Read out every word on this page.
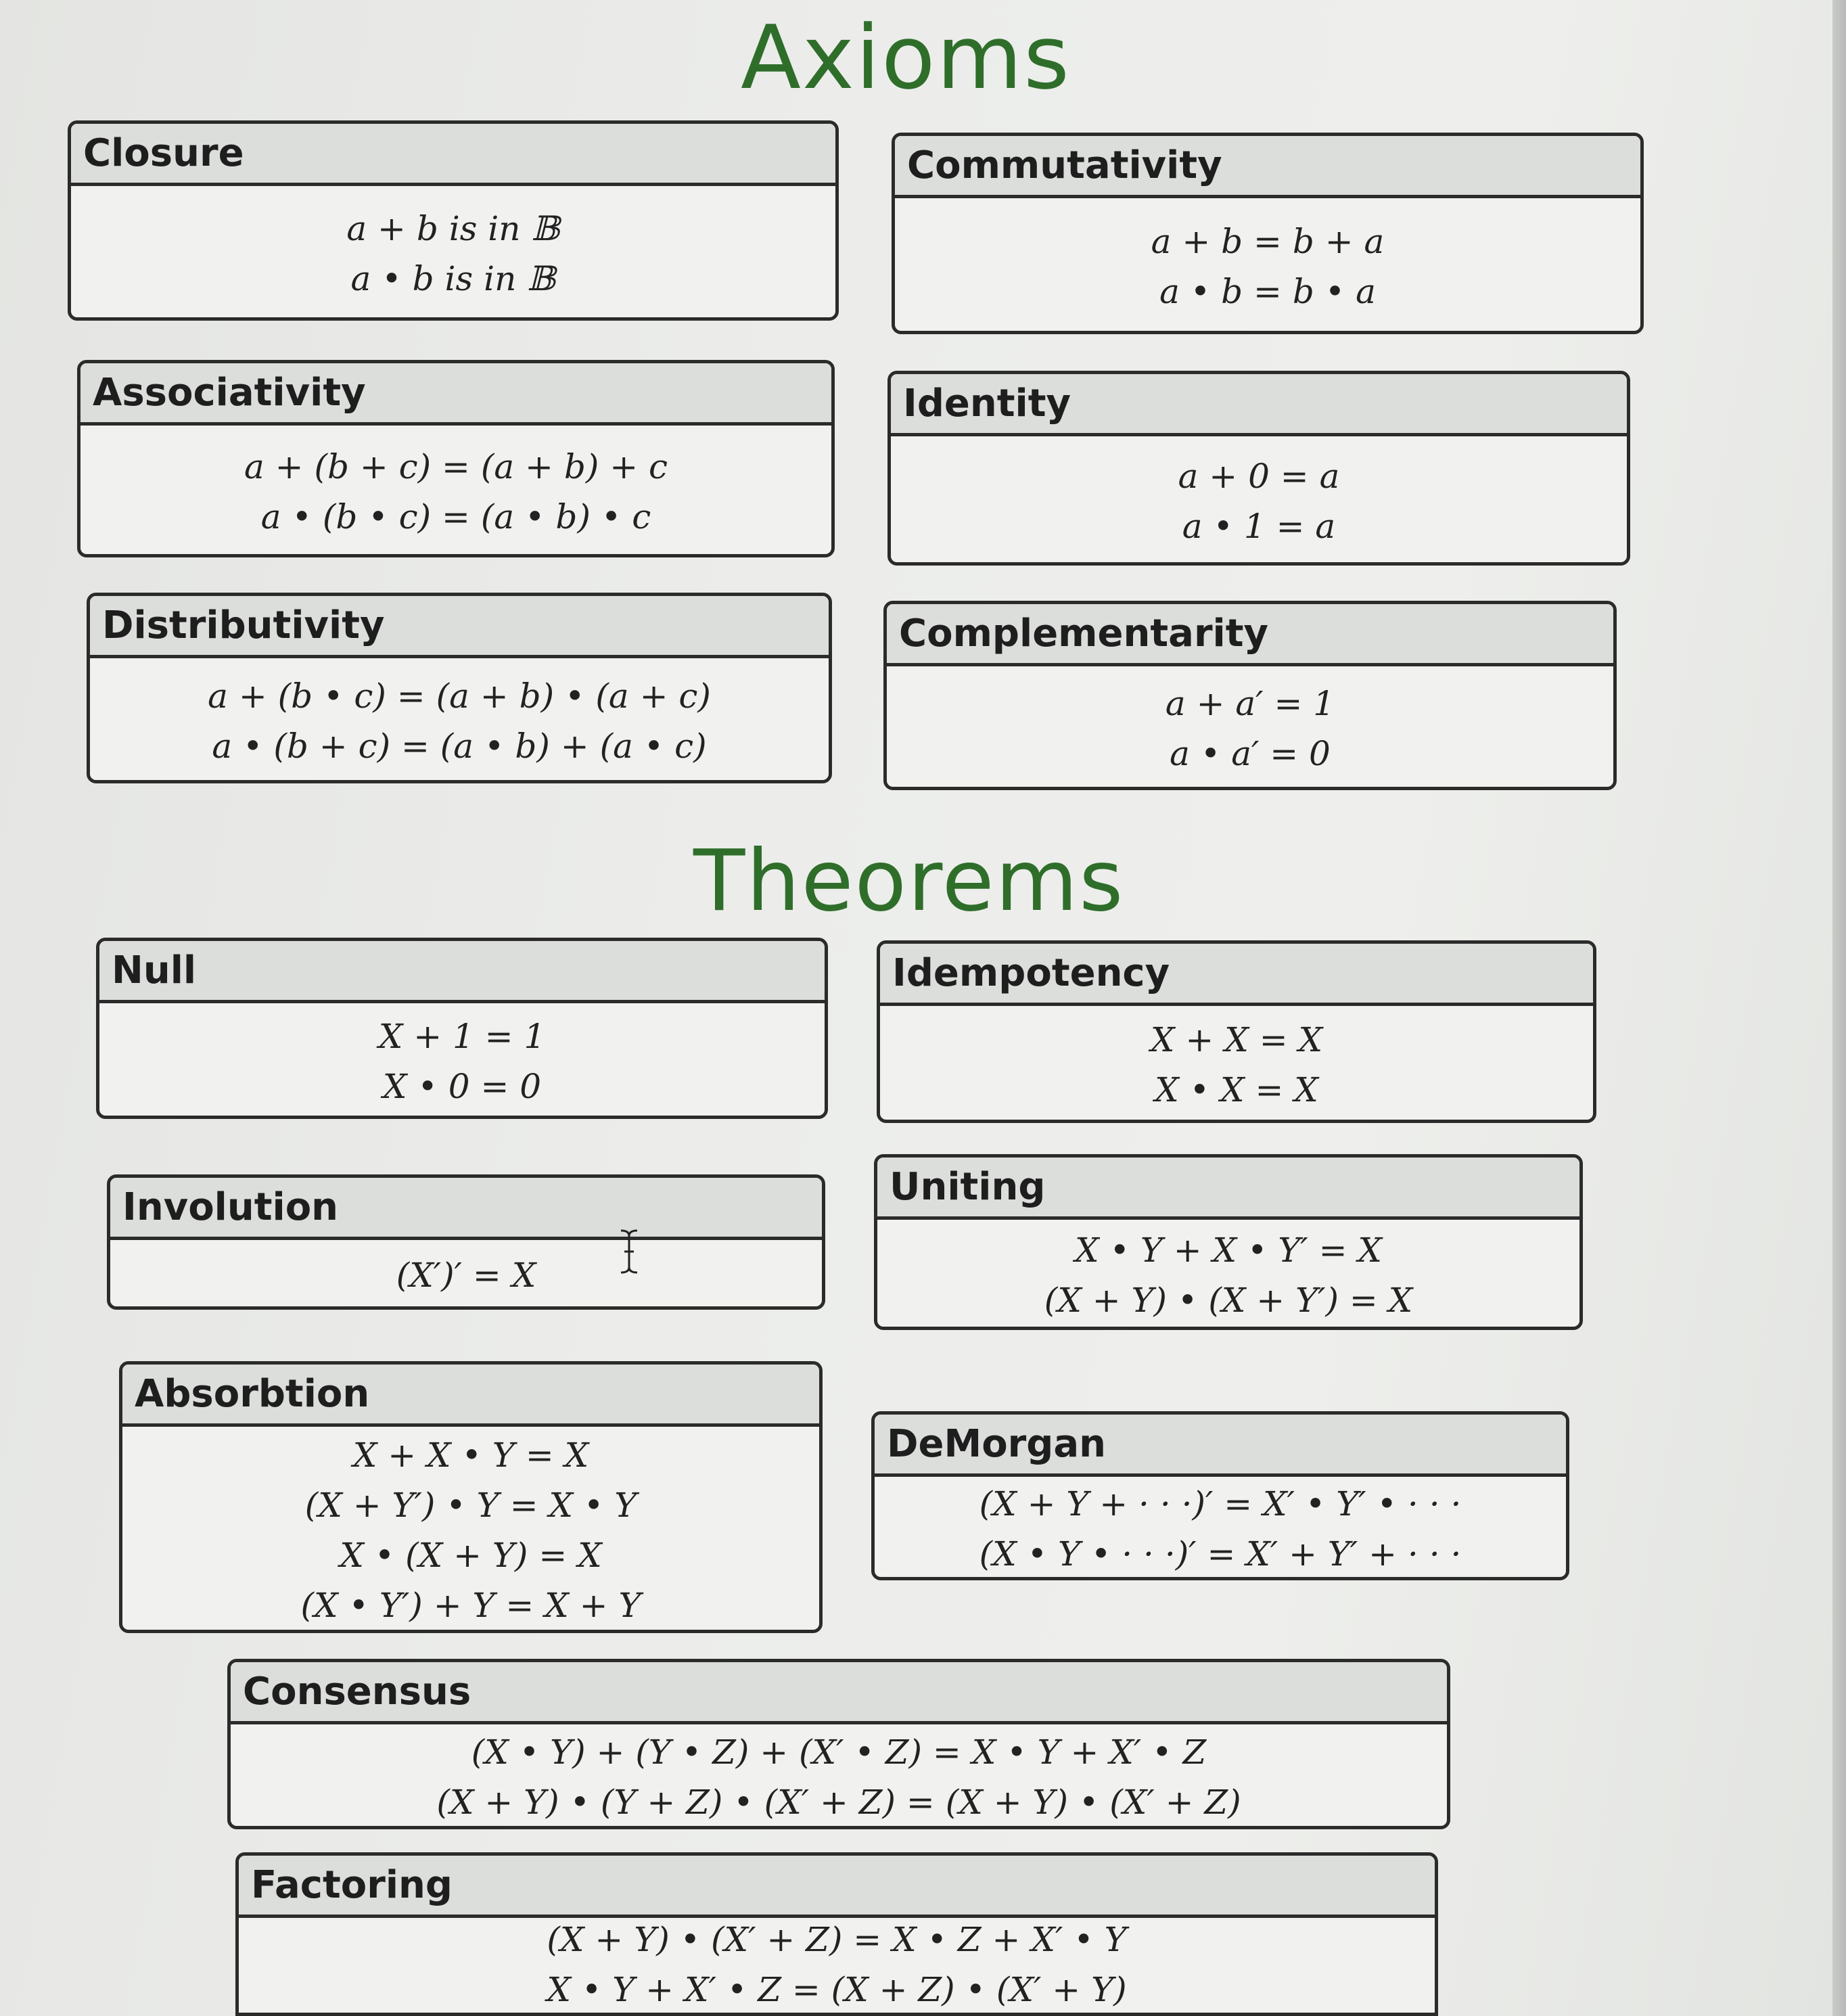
Axioms
Closure
a + b is in 𝔹
a • b is in 𝔹
Commutativity
a + b = b + a
a • b = b • a
Associativity
a + (b + c) = (a + b) + c
a • (b • c) = (a • b) • c
Identity
a + 0 = a
a • 1 = a
Distributivity
a + (b • c) = (a + b) • (a + c)
a • (b + c) = (a • b) + (a • c)
Complementarity
a + a′ = 1
a • a′ = 0
Theorems
Null
X + 1 = 1
X • 0 = 0
Idempotency
X + X = X
X • X = X
Involution
(X′)′ = X
Uniting
X • Y + X • Y′ = X
(X + Y) • (X + Y′) = X
Absorbtion
X + X • Y = X
(X + Y′) • Y = X • Y
X • (X + Y) = X
(X • Y′) + Y = X + Y
DeMorgan
(X + Y + · · ·)′ = X′ • Y′ • · · ·
(X • Y • · · ·)′ = X′ + Y′ + · · ·
Consensus
(X • Y) + (Y • Z) + (X′ • Z) = X • Y + X′ • Z
(X + Y) • (Y + Z) • (X′ + Z) = (X + Y) • (X′ + Z)
Factoring
(X + Y) • (X′ + Z) = X • Z + X′ • Y
X • Y + X′ • Z = (X + Z) • (X′ + Y)
